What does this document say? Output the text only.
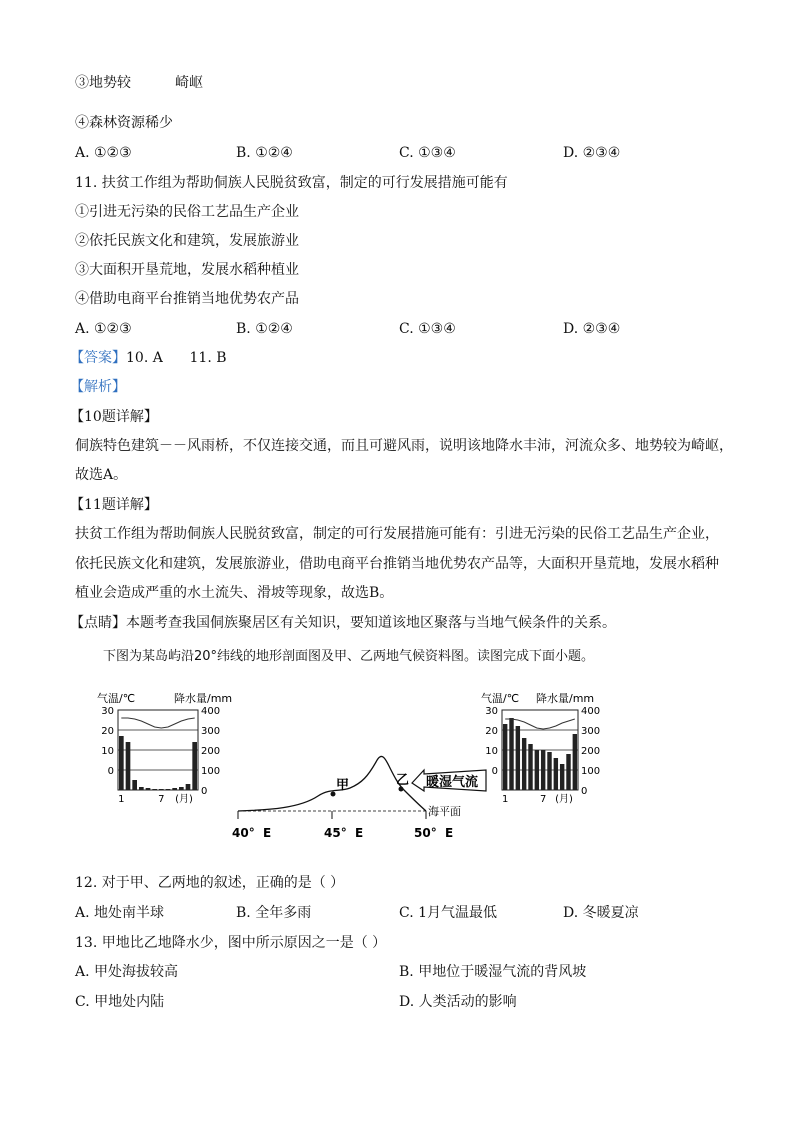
③地势较	崎岖
④森林资源稀少
A. ①②③	B. ①②④	C. ①③④	D. ②③④
11. 扶贫工作组为帮助侗族人民脱贫致富，制定的可行发展措施可能有
①引进无污染的民俗工艺品生产企业
②依托民族文化和建筑，发展旅游业
③大面积开垦荒地，发展水稻种植业
④借助电商平台推销当地优势农产品
A. ①②③	B. ①②④	C. ①③④	D. ②③④
【答案】10. A      11. B
【解析】
【10题详解】
侗族特色建筑－－风雨桥，不仅连接交通，而且可避风雨，说明该地降水丰沛，河流众多、地势较为崎岖，
故选A。
【11题详解】
扶贫工作组为帮助侗族人民脱贫致富，制定的可行发展措施可能有：引进无污染的民俗工艺品生产企业，
依托民族文化和建筑，发展旅游业，借助电商平台推销当地优势农产品等，大面积开垦荒地，发展水稻种
植业会造成严重的水土流失、滑坡等现象，故选B。
【点睛】本题考查我国侗族聚居区有关知识，要知道该地区聚落与当地气候条件的关系。
下图为某岛屿沿20°纬线的地形剖面图及甲、乙两地气候资料图。读图完成下面小题。
气温/℃	降水量/mm
30
20
10
0
400
300
200
100
0
1	7 (月)
气温/℃ 降水量/mm
30
20
10
0
400
300
200
100
0
1	7 (月)
海平面
甲	乙 暖湿气流
40°  E	45°  E	50°  E
12. 对于甲、乙两地的叙述，正确的是（ ）
A. 地处南半球	B. 全年多雨	C. 1月气温最低	D. 冬暖夏凉
13. 甲地比乙地降水少，图中所示原因之一是（ ）
A. 甲处海拔较高	B. 甲地位于暖湿气流的背风坡
C. 甲地处内陆	D. 人类活动的影响
